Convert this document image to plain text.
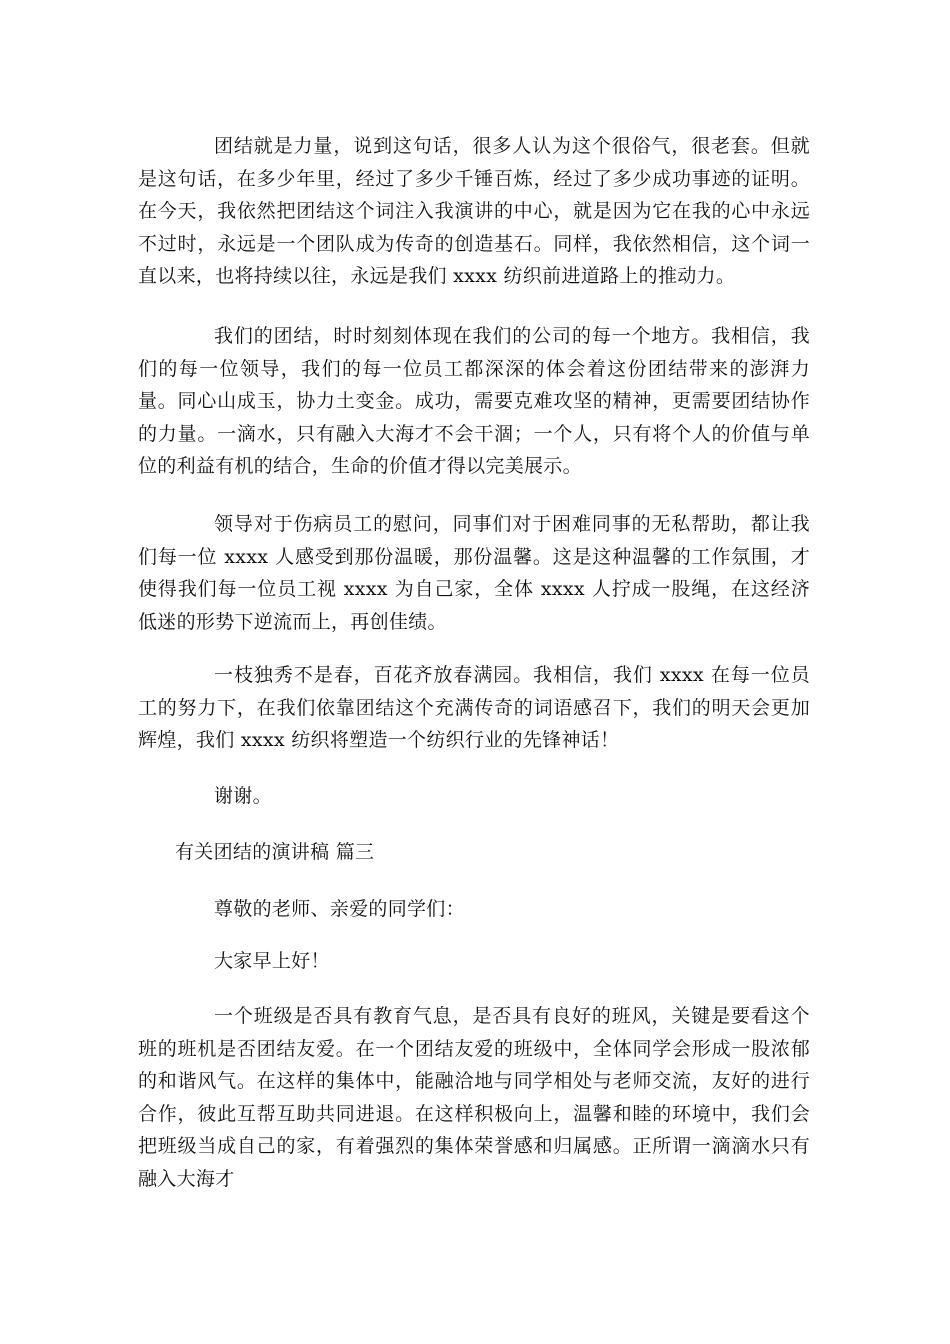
团结就是力量，说到这句话，很多人认为这个很俗气，很老套。但就是这句话，在多少年里，经过了多少千锤百炼，经过了多少成功事迹的证明。在今天，我依然把团结这个词注入我演讲的中心，就是因为它在我的心中永远不过时，永远是一个团队成为传奇的创造基石。同样，我依然相信，这个词一直以来，也将持续以往，永远是我们 xxxx 纺织前进道路上的推动力。

我们的团结，时时刻刻体现在我们的公司的每一个地方。我相信，我们的每一位领导，我们的每一位员工都深深的体会着这份团结带来的澎湃力量。同心山成玉，协力土变金。成功，需要克难攻坚的精神，更需要团结协作的力量。一滴水，只有融入大海才不会干涸；一个人，只有将个人的价值与单位的利益有机的结合，生命的价值才得以完美展示。

领导对于伤病员工的慰问，同事们对于困难同事的无私帮助，都让我们每一位 xxxx 人感受到那份温暖，那份温馨。这是这种温馨的工作氛围，才使得我们每一位员工视 xxxx 为自己家，全体 xxxx 人拧成一股绳，在这经济低迷的形势下逆流而上，再创佳绩。

一枝独秀不是春，百花齐放春满园。我相信，我们 xxxx 在每一位员工的努力下，在我们依靠团结这个充满传奇的词语感召下，我们的明天会更加辉煌，我们 xxxx 纺织将塑造一个纺织行业的先锋神话！

谢谢。

有关团结的演讲稿 篇三

尊敬的老师、亲爱的同学们：

大家早上好！

一个班级是否具有教育气息，是否具有良好的班风，关键是要看这个班的班机是否团结友爱。在一个团结友爱的班级中，全体同学会形成一股浓郁的和谐风气。在这样的集体中，能融洽地与同学相处与老师交流，友好的进行合作，彼此互帮互助共同进退。在这样积极向上，温馨和睦的环境中，我们会把班级当成自己的家，有着强烈的集体荣誉感和归属感。正所谓一滴滴水只有融入大海才
